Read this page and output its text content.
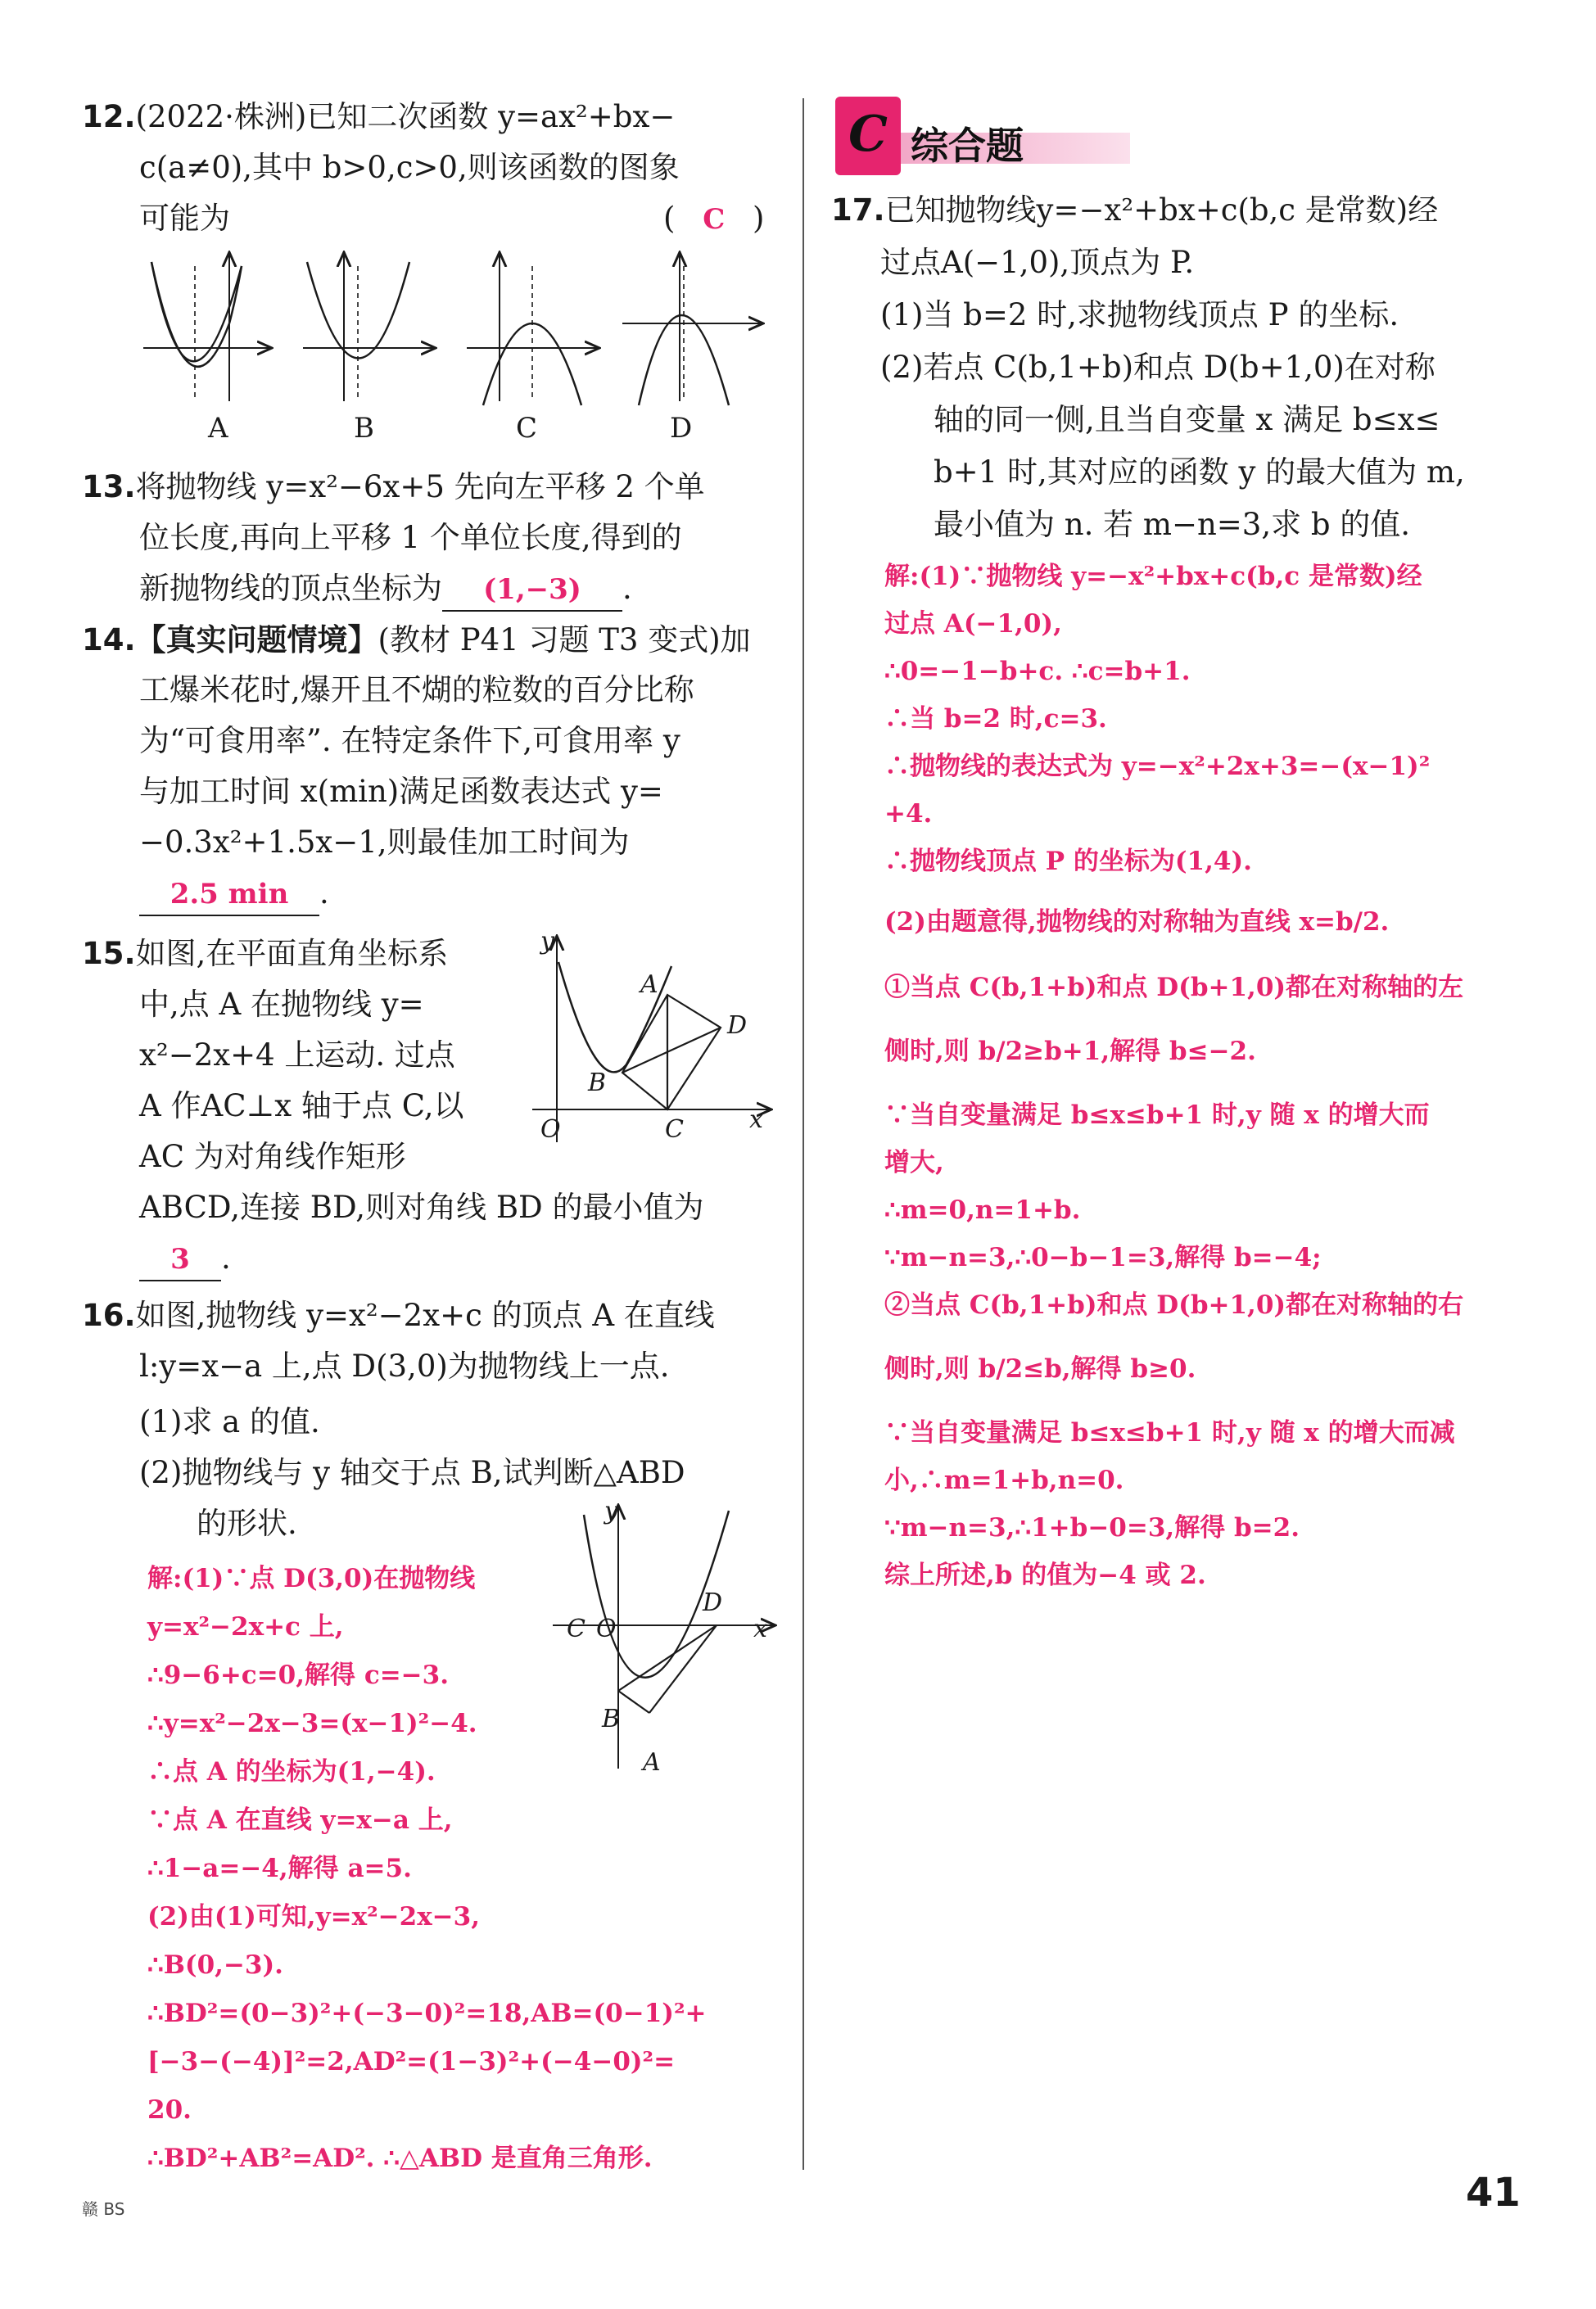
12.(2022·株洲)已知二次函数 y=ax²+bx−
c(a≠0),其中 b>0,c>0,则该函数的图象
可能为	( C )
A	B	C	D
13.将抛物线 y=x²−6x+5 先向左平移 2 个单
位长度,再向上平移 1 个单位长度,得到的
新抛物线的顶点坐标为 (1,−3) .
14.【真实问题情境】(教材 P41 习题 T3 变式)加
工爆米花时,爆开且不煳的粒数的百分比称
为“可食用率”. 在特定条件下,可食用率 y
与加工时间 x(min)满足函数表达式 y=
−0.3x²+1.5x−1,则最佳加工时间为
2.5 min .
15.如图,在平面直角坐标系
中,点 A 在抛物线 y=
x²−2x+4 上运动. 过点
A 作AC⊥x 轴于点 C,以
AC 为对角线作矩形
ABCD,连接 BD,则对角线 BD 的最小值为
3 .
y
x
O
A
B
C
D
16.如图,抛物线 y=x²−2x+c 的顶点 A 在直线
l:y=x−a 上,点 D(3,0)为抛物线上一点.
(1)求 a 的值.
(2)抛物线与 y 轴交于点 B,试判断△ABD
的形状.	y
x
C O
D
B
A
解:(1)∵点 D(3,0)在抛物线
y=x²−2x+c 上,
∴9−6+c=0,解得 c=−3.
∴y=x²−2x−3=(x−1)²−4.
∴点 A 的坐标为(1,−4).
∵点 A 在直线 y=x−a 上,
∴1−a=−4,解得 a=5.
(2)由(1)可知,y=x²−2x−3,
∴B(0,−3).
∴BD²=(0−3)²+(−3−0)²=18,AB=(0−1)²+
[−3−(−4)]²=2,AD²=(1−3)²+(−4−0)²=
20.
∴BD²+AB²=AD². ∴△ABD 是直角三角形.
C 综合题
17.已知抛物线y=−x²+bx+c(b,c 是常数)经
过点A(−1,0),顶点为 P.
(1)当 b=2 时,求抛物线顶点 P 的坐标.
(2)若点 C(b,1+b)和点 D(b+1,0)在对称
轴的同一侧,且当自变量 x 满足 b≤x≤
b+1 时,其对应的函数 y 的最大值为 m,
最小值为 n. 若 m−n=3,求 b 的值.
解:(1)∵抛物线 y=−x²+bx+c(b,c 是常数)经
过点 A(−1,0),
∴0=−1−b+c. ∴c=b+1.
∴当 b=2 时,c=3.
∴抛物线的表达式为 y=−x²+2x+3=−(x−1)²
+4.
∴抛物线顶点 P 的坐标为(1,4).
(2)由题意得,抛物线的对称轴为直线 x=b/2.
①当点 C(b,1+b)和点 D(b+1,0)都在对称轴的左
侧时,则 b/2≥b+1,解得 b≤−2.
∵当自变量满足 b≤x≤b+1 时,y 随 x 的增大而
增大,
∴m=0,n=1+b.
∵m−n=3,∴0−b−1=3,解得 b=−4;
②当点 C(b,1+b)和点 D(b+1,0)都在对称轴的右
侧时,则 b/2≤b,解得 b≥0.
∵当自变量满足 b≤x≤b+1 时,y 随 x 的增大而减
小,∴m=1+b,n=0.
∵m−n=3,∴1+b−0=3,解得 b=2.
综上所述,b 的值为−4 或 2.
41
赣 BS
